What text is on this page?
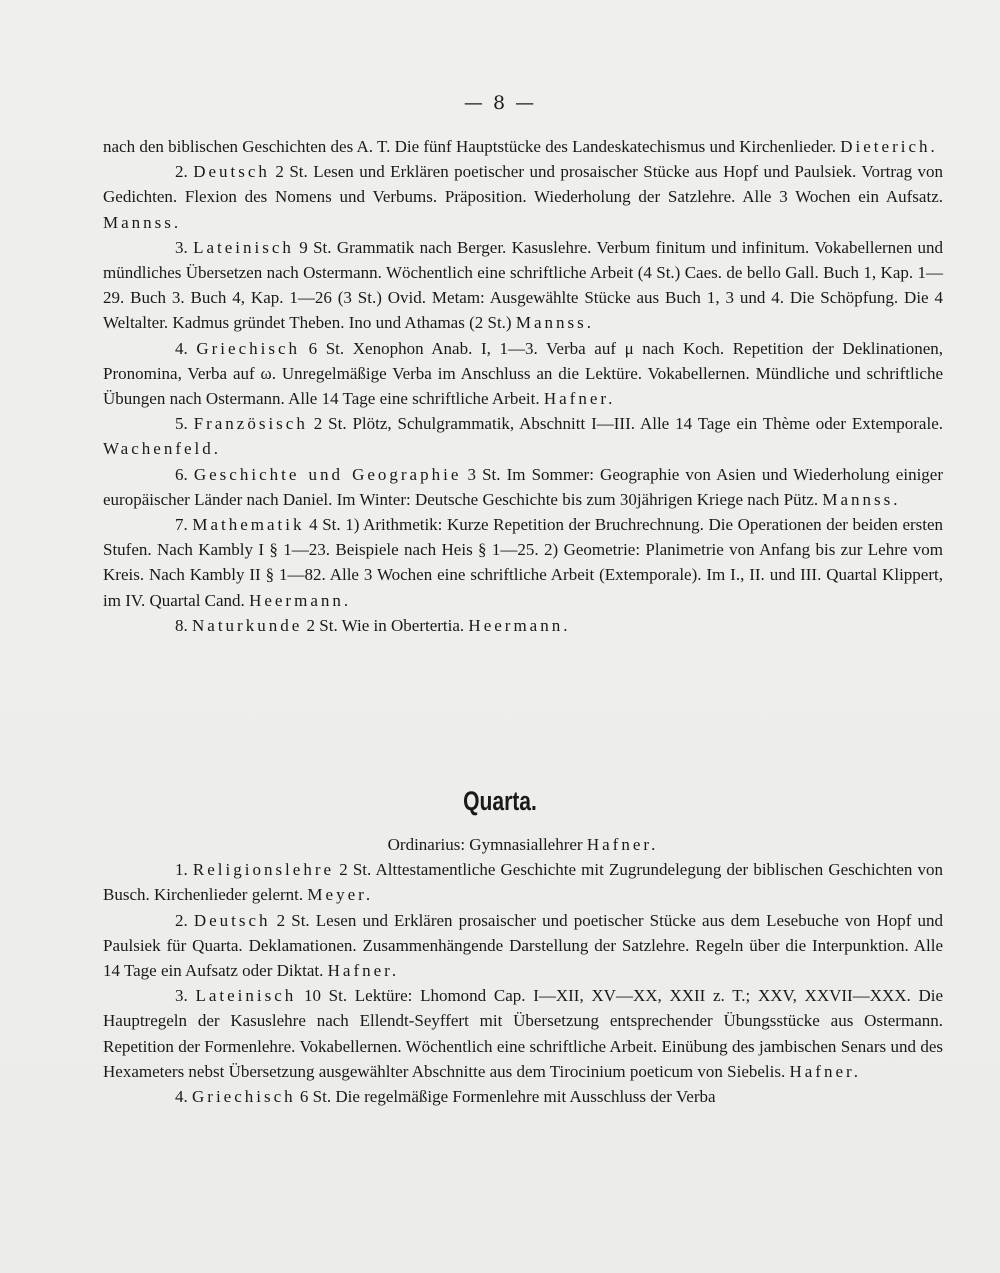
— 8 —

nach den biblischen Geschichten des A. T. Die fünf Hauptstücke des Landeskatechismus und Kirchenlieder. Dieterich.

2. Deutsch 2 St. Lesen und Erklären poetischer und prosaischer Stücke aus Hopf und Paulsiek. Vortrag von Gedichten. Flexion des Nomens und Verbums. Präposition. Wiederholung der Satzlehre. Alle 3 Wochen ein Aufsatz. Mannss.

3. Lateinisch 9 St. Grammatik nach Berger. Kasuslehre. Verbum finitum und infinitum. Vokabellernen und mündliches Übersetzen nach Ostermann. Wöchentlich eine schriftliche Arbeit (4 St.) Caes. de bello Gall. Buch 1, Kap. 1—29. Buch 3. Buch 4, Kap. 1—26 (3 St.) Ovid. Metam: Ausgewählte Stücke aus Buch 1, 3 und 4. Die Schöpfung. Die 4 Weltalter. Kadmus gründet Theben. Ino und Athamas (2 St.) Mannss.

4. Griechisch 6 St. Xenophon Anab. I, 1—3. Verba auf μ nach Koch. Repetition der Deklinationen, Pronomina, Verba auf ω. Unregelmäßige Verba im Anschluss an die Lektüre. Vokabellernen. Mündliche und schriftliche Übungen nach Ostermann. Alle 14 Tage eine schriftliche Arbeit. Hafner.

5. Französisch 2 St. Plötz, Schulgrammatik, Abschnitt I—III. Alle 14 Tage ein Thème oder Extemporale. Wachenfeld.

6. Geschichte und Geographie 3 St. Im Sommer: Geographie von Asien und Wiederholung einiger europäischer Länder nach Daniel. Im Winter: Deutsche Geschichte bis zum 30jährigen Kriege nach Pütz. Mannss.

7. Mathematik 4 St. 1) Arithmetik: Kurze Repetition der Bruchrechnung. Die Operationen der beiden ersten Stufen. Nach Kambly I § 1—23. Beispiele nach Heis § 1—25. 2) Geometrie: Planimetrie von Anfang bis zur Lehre vom Kreis. Nach Kambly II § 1—82. Alle 3 Wochen eine schriftliche Arbeit (Extemporale). Im I., II. und III. Quartal Klippert, im IV. Quartal Cand. Heermann.

8. Naturkunde 2 St. Wie in Obertertia. Heermann.

Quarta.

Ordinarius: Gymnasiallehrer Hafner.

1. Religionslehre 2 St. Alttestamentliche Geschichte mit Zugrundelegung der biblischen Geschichten von Busch. Kirchenlieder gelernt. Meyer.

2. Deutsch 2 St. Lesen und Erklären prosaischer und poetischer Stücke aus dem Lesebuche von Hopf und Paulsiek für Quarta. Deklamationen. Zusammenhängende Darstellung der Satzlehre. Regeln über die Interpunktion. Alle 14 Tage ein Aufsatz oder Diktat. Hafner.

3. Lateinisch 10 St. Lektüre: Lhomond Cap. I—XII, XV—XX, XXII z. T.; XXV, XXVII—XXX. Die Hauptregeln der Kasuslehre nach Ellendt-Seyffert mit Übersetzung entsprechender Übungsstücke aus Ostermann. Repetition der Formenlehre. Vokabellernen. Wöchentlich eine schriftliche Arbeit. Einübung des jambischen Senars und des Hexameters nebst Übersetzung ausgewählter Abschnitte aus dem Tirocinium poeticum von Siebelis. Hafner.

4. Griechisch 6 St. Die regelmäßige Formenlehre mit Ausschluss der Verba
